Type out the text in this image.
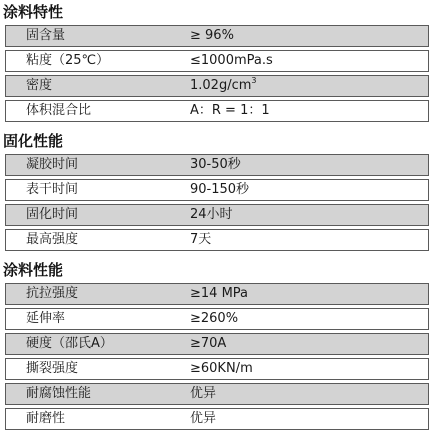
涂料特性
固含量	≥ 96%
粘度（25℃）	≤1000mPa.s
密度	$1.02g/cm^3$
体积混合比	A：R = 1：1
固化性能
凝胶时间	30-50秒
表干时间	90-150秒
固化时间	24小时
最高强度	7天
涂料性能
抗拉强度	≥14 MPa
延伸率	≥260%
硬度（邵氏A）	≥70A
撕裂强度	≥60KN/m
耐腐蚀性能	优异
耐磨性	优异
